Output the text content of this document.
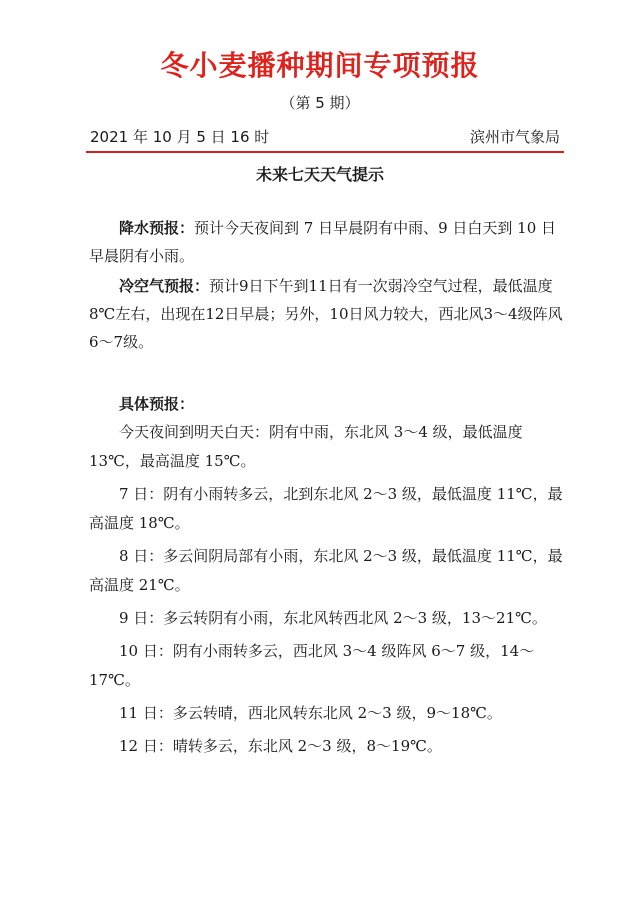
冬小麦播种期间专项预报
（第 5 期）
2021 年 10 月 5 日 16 时	滨州市气象局
未来七天天气提示

降水预报：预计今天夜间到 7 日早晨阴有中雨、9 日白天到 10 日早晨阴有小雨。

冷空气预报：预计9日下午到11日有一次弱冷空气过程，最低温度8℃左右，出现在12日早晨；另外，10日风力较大，西北风3～4级阵风6～7级。

具体预报：

今天夜间到明天白天：阴有中雨，东北风 3～4 级，最低温度 13℃，最高温度 15℃。

7 日：阴有小雨转多云，北到东北风 2～3 级，最低温度 11℃，最高温度 18℃。

8 日：多云间阴局部有小雨，东北风 2～3 级，最低温度 11℃，最高温度 21℃。

9 日：多云转阴有小雨，东北风转西北风 2～3 级，13～21℃。

10 日：阴有小雨转多云，西北风 3～4 级阵风 6～7 级，14～17℃。

11 日：多云转晴，西北风转东北风 2～3 级，9～18℃。

12 日：晴转多云，东北风 2～3 级，8～19℃。
